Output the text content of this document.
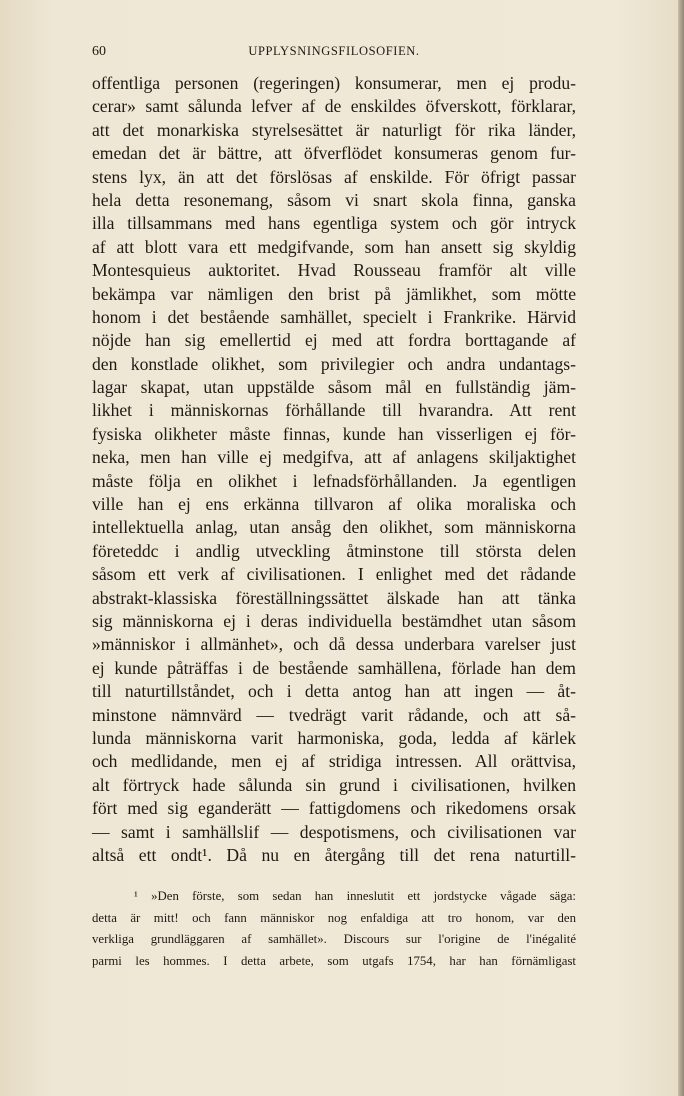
60	UPPLYSNINGSFILOSOFIEN.
offentliga personen (regeringen) konsumerar, men ej produ-
cerar» samt sålunda lefver af de enskildes öfverskott, förklarar,
att det monarkiska styrelsesättet är naturligt för rika länder,
emedan det är bättre, att öfverflödet konsumeras genom fur-
stens lyx, än att det förslösas af enskilde. För öfrigt passar
hela detta resonemang, såsom vi snart skola finna, ganska
illa tillsammans med hans egentliga system och gör intryck
af att blott vara ett medgifvande, som han ansett sig skyldig
Montesquieus auktoritet. Hvad Rousseau framför alt ville
bekämpa var nämligen den brist på jämlikhet, som mötte
honom i det bestående samhället, specielt i Frankrike. Härvid
nöjde han sig emellertid ej med att fordra borttagande af
den konstlade olikhet, som privilegier och andra undantags-
lagar skapat, utan uppstälde såsom mål en fullständig jäm-
likhet i människornas förhållande till hvarandra. Att rent
fysiska olikheter måste finnas, kunde han visserligen ej för-
neka, men han ville ej medgifva, att af anlagens skiljaktighet
måste följa en olikhet i lefnadsförhållanden. Ja egentligen
ville han ej ens erkänna tillvaron af olika moraliska och
intellektuella anlag, utan ansåg den olikhet, som människorna
företeddc i andlig utveckling åtminstone till största delen
såsom ett verk af civilisationen. I enlighet med det rådande
abstrakt-klassiska föreställningssättet älskade han att tänka
sig människorna ej i deras individuella bestämdhet utan såsom
»människor i allmänhet», och då dessa underbara varelser just
ej kunde påträffas i de bestående samhällena, förlade han dem
till naturtillståndet, och i detta antog han att ingen — åt-
minstone nämnvärd — tvedrägt varit rådande, och att så-
lunda människorna varit harmoniska, goda, ledda af kärlek
och medlidande, men ej af stridiga intressen. All orättvisa,
alt förtryck hade sålunda sin grund i civilisationen, hvilken
fört med sig eganderätt — fattigdomens och rikedomens orsak
— samt i samhällslif — despotismens, och civilisationen var
altså ett ondt¹. Då nu en återgång till det rena naturtill-
¹ »Den förste, som sedan han inneslutit ett jordstycke vågade säga:
detta är mitt! och fann människor nog enfaldiga att tro honom, var den
verkliga grundläggaren af samhället». Discours sur l'origine de l'inégalité
parmi les hommes. I detta arbete, som utgafs 1754, har han förnämligast
